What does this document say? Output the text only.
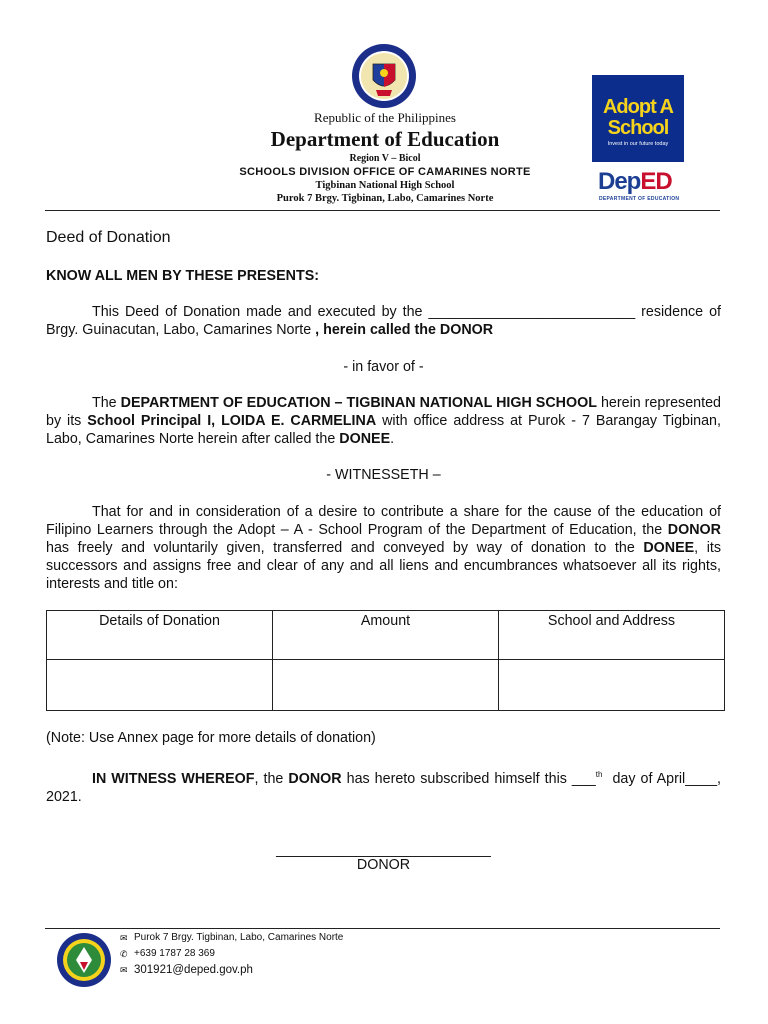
Republic of the Philippines
Department of Education
Region V – Bicol
SCHOOLS DIVISION OFFICE OF CAMARINES NORTE
Tigbinan National High School
Purok 7 Brgy. Tigbinan, Labo, Camarines Norte
Adopt A
School
Invest in our future today
DepED
DEPARTMENT OF EDUCATION
Deed of Donation
KNOW ALL MEN BY THESE PRESENTS:
This Deed of Donation made and executed by the __________________________ residence of Brgy. Guinacutan, Labo, Camarines Norte , herein called the DONOR
- in favor of -
The DEPARTMENT OF EDUCATION – TIGBINAN NATIONAL HIGH SCHOOL herein represented by its School Principal I, LOIDA E. CARMELINA with office address at Purok - 7 Barangay Tigbinan, Labo, Camarines Norte herein after called the DONEE.
- WITNESSETH –
That for and in consideration of a desire to contribute a share for the cause of the education of Filipino Learners through the Adopt – A - School Program of the Department of Education, the DONOR has freely and voluntarily given, transferred and conveyed by way of donation to the DONEE, its successors and assigns free and clear of any and all liens and encumbrances whatsoever all its rights, interests and title on:
Details of Donation	Amount	School and Address

(Note: Use Annex page for more details of donation)
IN WITNESS WHEREOF, the DONOR has hereto subscribed himself this ___$^{th}$ day of April____, 2021.
___________________________
DONOR
✉ Purok 7 Brgy. Tigbinan, Labo, Camarines Norte
✆ +639 1787 28 369
✉ 301921@deped.gov.ph
